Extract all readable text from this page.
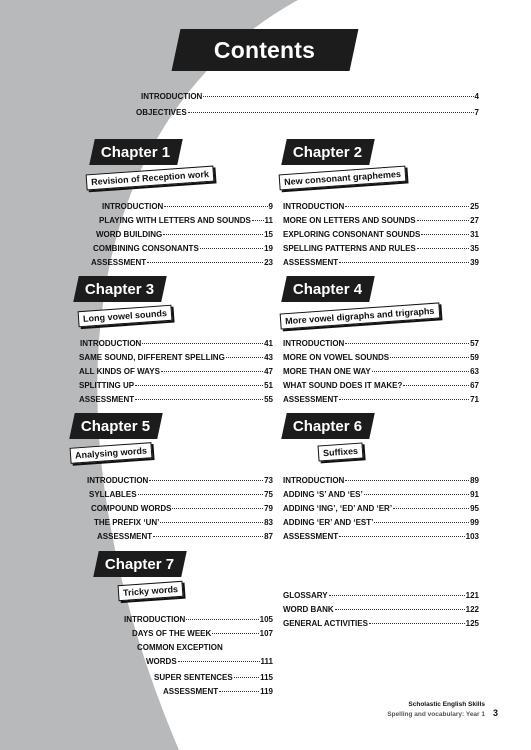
Contents
INTRODUCTION	4
OBJECTIVES	7
Chapter 1
Revision of Reception work
INTRODUCTION	9
PLAYING WITH LETTERS AND SOUNDS 11
WORD BUILDING	15
COMBINING CONSONANTS	19
ASSESSMENT	23
Chapter 2
New consonant graphemes
INTRODUCTION	25
MORE ON LETTERS AND SOUNDS	27
EXPLORING CONSONANT SOUNDS	31
SPELLING PATTERNS AND RULES	35
ASSESSMENT	39
Chapter 3
Long vowel sounds
INTRODUCTION	41
SAME SOUND, DIFFERENT SPELLING	43
ALL KINDS OF WAYS	47
SPLITTING UP	51
ASSESSMENT	55
Chapter 4
More vowel digraphs and trigraphs
INTRODUCTION	57
MORE ON VOWEL SOUNDS	59
MORE THAN ONE WAY	63
WHAT SOUND DOES IT MAKE?	67
ASSESSMENT	71
Chapter 5
Analysing words
INTRODUCTION	73
SYLLABLES	75
COMPOUND WORDS	79
THE PREFIX ‘UN’	83
ASSESSMENT	87
Chapter 6
Suffixes
INTRODUCTION	89
ADDING ‘S’ AND ‘ES’	91
ADDING ‘ING’, ‘ED’ AND ‘ER’	95
ADDING ‘ER’ AND ‘EST’	99
ASSESSMENT	103
Chapter 7
Tricky words
INTRODUCTION	105
DAYS OF THE WEEK	107
COMMON EXCEPTION
WORDS	111
SUPER SENTENCES	115
ASSESSMENT	119
GLOSSARY	121
WORD BANK	122
GENERAL ACTIVITIES	125
Scholastic English Skills
Spelling and vocabulary: Year 1 3
